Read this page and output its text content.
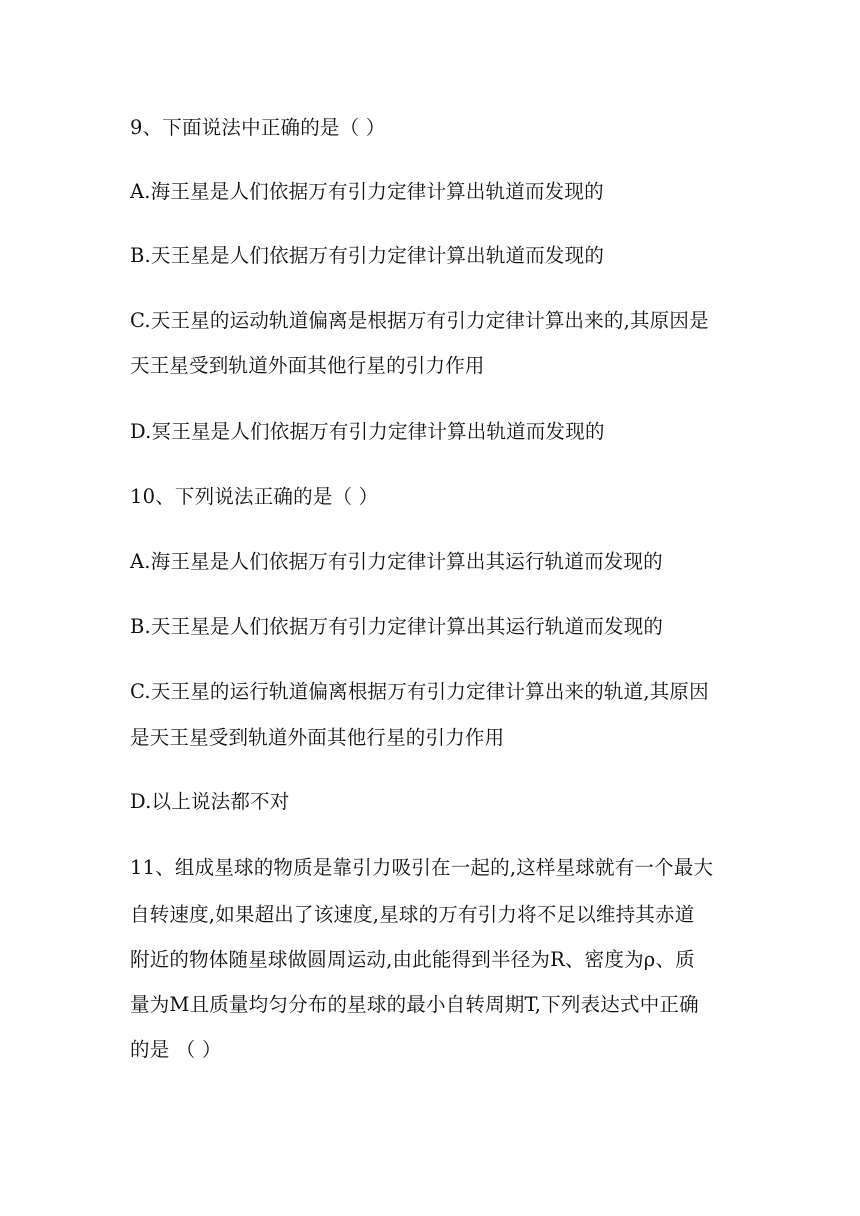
9、下面说法中正确的是（ ）
A.海王星是人们依据万有引力定律计算出轨道而发现的
B.天王星是人们依据万有引力定律计算出轨道而发现的
C.天王星的运动轨道偏离是根据万有引力定律计算出来的,其原因是
天王星受到轨道外面其他行星的引力作用
D.冥王星是人们依据万有引力定律计算出轨道而发现的
10、下列说法正确的是（ ）
A.海王星是人们依据万有引力定律计算出其运行轨道而发现的
B.天王星是人们依据万有引力定律计算出其运行轨道而发现的
C.天王星的运行轨道偏离根据万有引力定律计算出来的轨道,其原因
是天王星受到轨道外面其他行星的引力作用
D.以上说法都不对
11、组成星球的物质是靠引力吸引在一起的,这样星球就有一个最大
自转速度,如果超出了该速度,星球的万有引力将不足以维持其赤道
附近的物体随星球做圆周运动,由此能得到半径为R、密度为ρ、质
量为M且质量均匀分布的星球的最小自转周期T,下列表达式中正确
的是 （ ）
